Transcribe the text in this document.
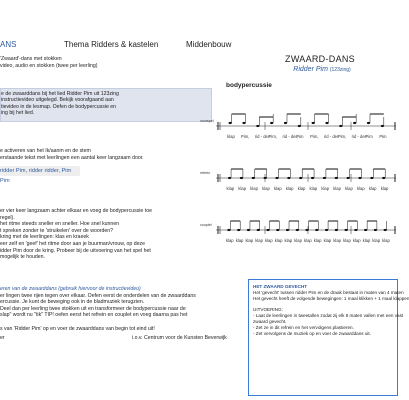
ANS	Thema Ridders & kastelen	Middenbouw

'Zwaard'-dans met stokken

video, audio en stokken (twee per leerling)

e de zwaarddans bij het lied Ridder Pim uit 123zing

instructievideo uitgelegd. Bekijk voorafgaand aan

tievideo in de lesmap. Oefen de bodypercussie en

ing bij het lied.

e activeren van het Ik/aanm en de stem

erstaande tekst met leerlingen een aantal keer langzaam door.

ridder Pim, ridder ridder, Pim Pim

er vier keer langzaam achter elkaar en voeg de bodypercussie toe

regel).

het ritme steeds sneller en sneller. Hoe snel kunnen

t spreken zonder te 'struikelen' over de woorden?

kring met de leerlingen: klas en kraeek

eer zelf en 'geef' het ritme door aan je buurman/vrouw, op deze

idder Pim door de kring. Probeer bij de uitvoering van het spel het

mogelijk te houden.

eren van de zwaarddans (gebruik hiervoor de instructievideo)

er lingen twee rijen tegen over elkaar. Oefen eerst de onderdelen van de zwaarddans

ercussie. Je kunt de beweging ook in de bladmuziek terugzien.

Deel dan per leerling twee stokken uit en transformeer de bodypercussie naar de

slap" wordt nu "tik" TIP! oefen eerst het refrein en couplet en voeg daarna pas het

s van 'Ridder Pim' op en voer de zwaarddans van begin tot eind uit!

er	i.o.v. Centrum voor de Kunsten Beverwijk
ZWAARD-DANS
Ridder Pim (123zing)
bodypercussie
voorspel
klap Pim, rid - der Pim, rid - der,
Pim Pim, rid - der Pim, rid - der Pim Pim
refrein
klap klap klap klap klap klap klap klap klap klap klap klap klap klap
couplet
klap klap klap klap klap klap klap klap klap klap klap klap klap klap klap klap klap

HET ZWAARD GEVECHT

Het 'gevecht' tussen ridder Pim en de draak bestaat in maten van 4 maten

Het gevecht heeft de volgende bewegingen: 1 maal klikken + 1 maal klappen

UITVOERING:

- Laat de leerlingen in tweetallen zodat zij elk 8 maten vallen met een vast

zwaard gevecht.

- Zet ze in dit refrein en het vervolgens plastieren.

- Zet vervolgens de muziek op en voer de zwaarddans uit.
